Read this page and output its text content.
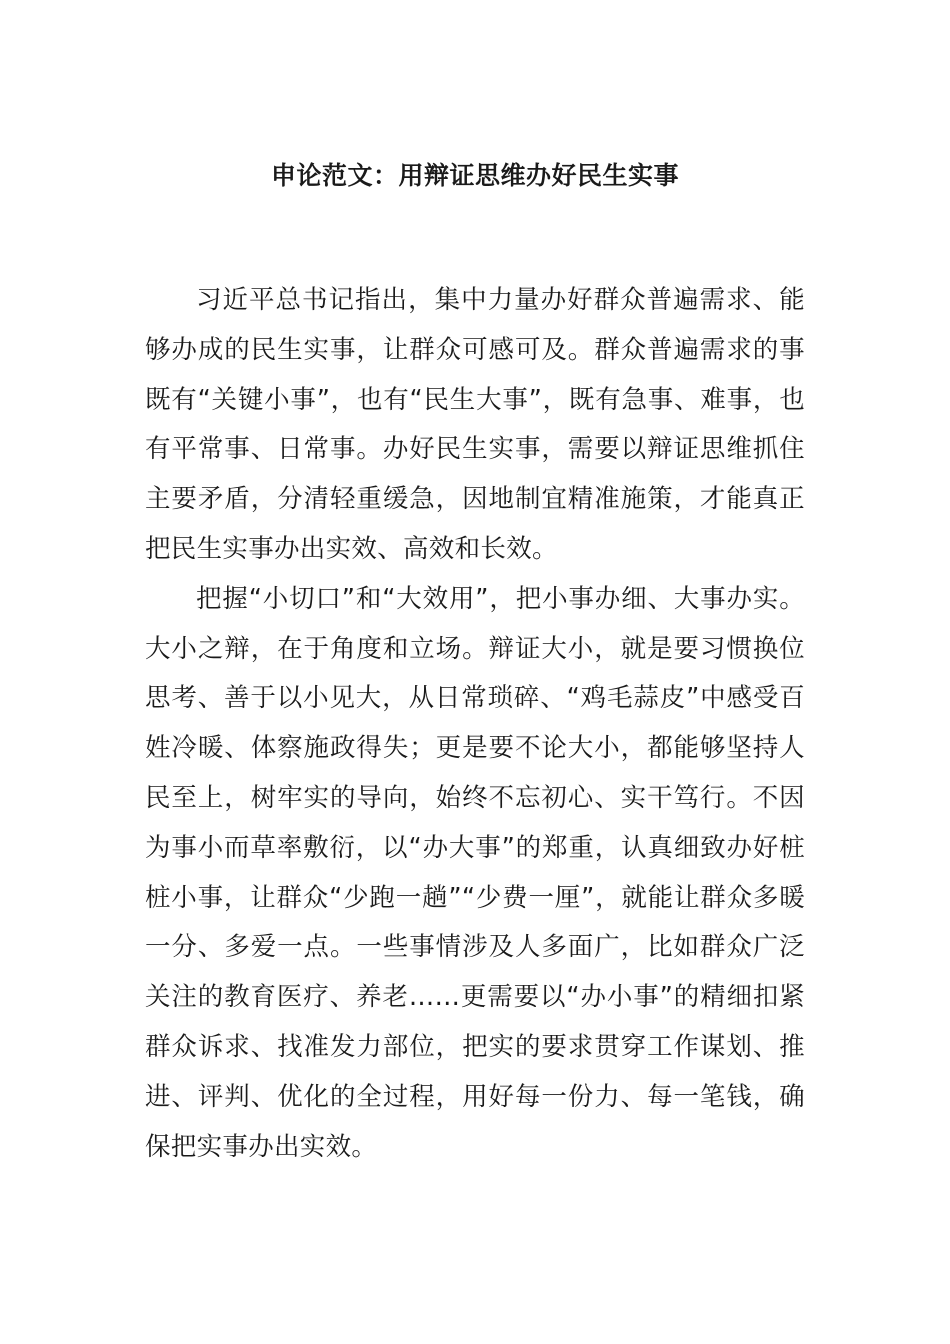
申论范文：用辩证思维办好民生实事

习近平总书记指出，集中力量办好群众普遍需求、能够办成的民生实事，让群众可感可及。群众普遍需求的事既有“关键小事”，也有“民生大事”，既有急事、难事，也有平常事、日常事。办好民生实事，需要以辩证思维抓住主要矛盾，分清轻重缓急，因地制宜精准施策，才能真正把民生实事办出实效、高效和长效。

把握“小切口”和“大效用”，把小事办细、大事办实。大小之辩，在于角度和立场。辩证大小，就是要习惯换位思考、善于以小见大，从日常琐碎、“鸡毛蒜皮”中感受百姓冷暖、体察施政得失；更是要不论大小，都能够坚持人民至上，树牢实的导向，始终不忘初心、实干笃行。不因为事小而草率敷衍，以“办大事”的郑重，认真细致办好桩桩小事，让群众“少跑一趟”“少费一厘”，就能让群众多暖一分、多爱一点。一些事情涉及人多面广，比如群众广泛关注的教育医疗、养老……更需要以“办小事”的精细扣紧群众诉求、找准发力部位，把实的要求贯穿工作谋划、推进、评判、优化的全过程，用好每一份力、每一笔钱，确保把实事办出实效。
